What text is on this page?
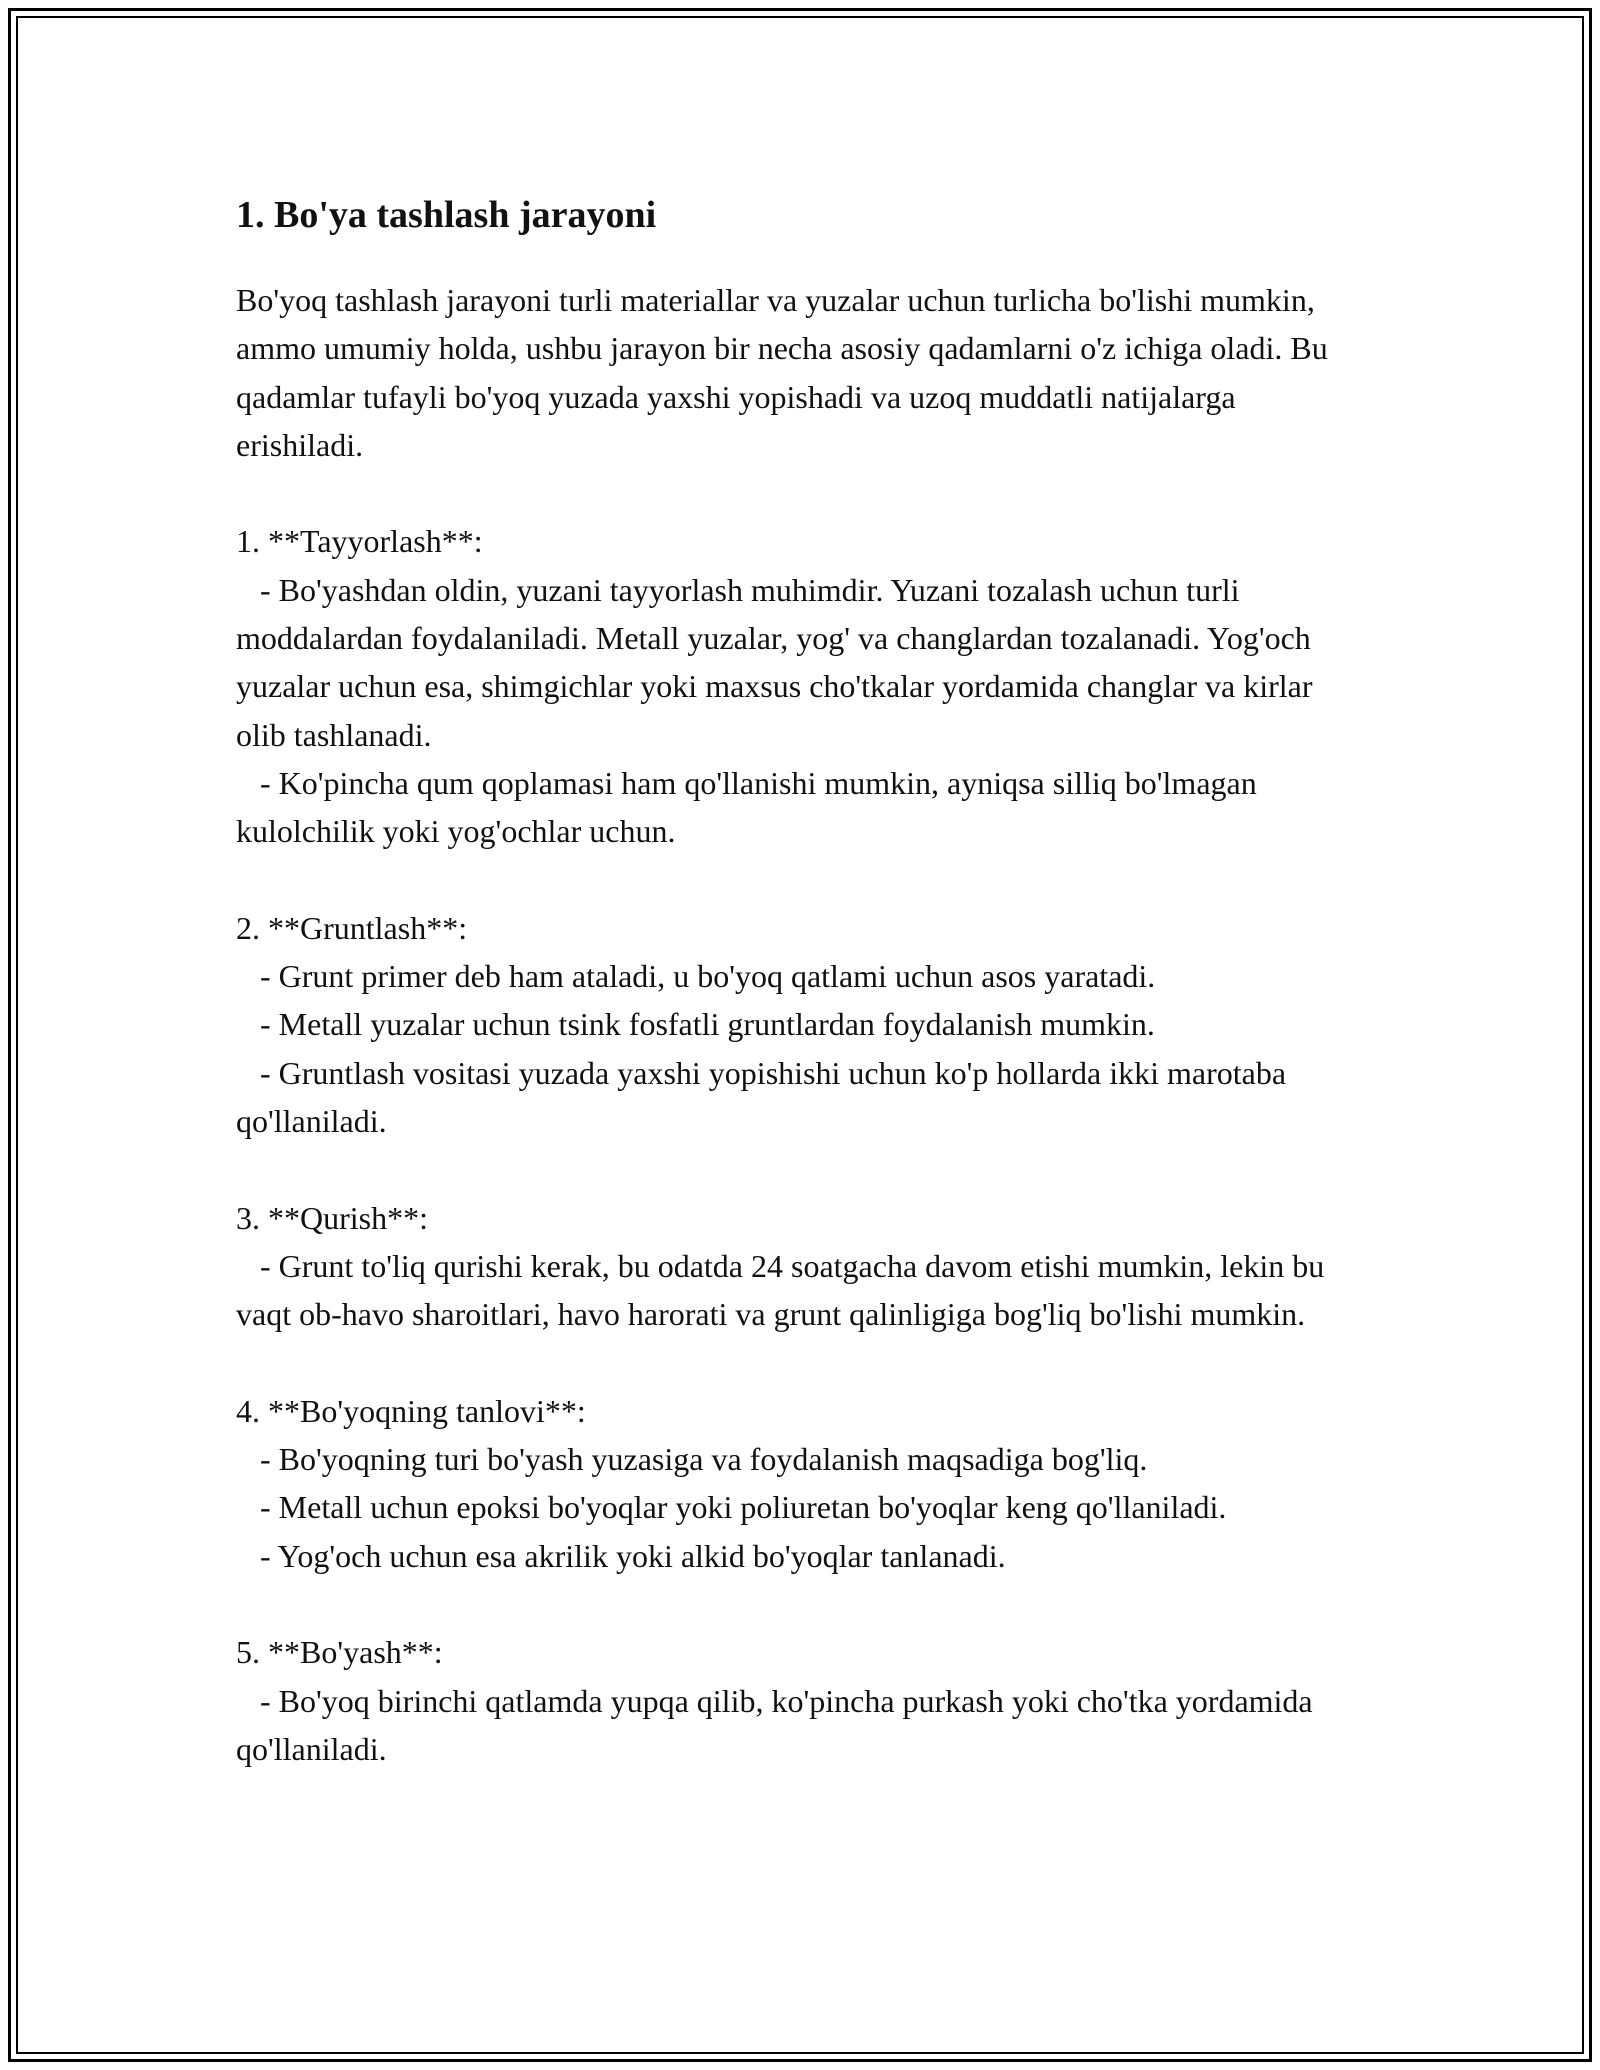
1. Bo'ya tashlash jarayoni

Bo'yoq tashlash jarayoni turli materiallar va yuzalar uchun turlicha bo'lishi mumkin, ammo umumiy holda, ushbu jarayon bir necha asosiy qadamlarni o'z ichiga oladi. Bu qadamlar tufayli bo'yoq yuzada yaxshi yopishadi va uzoq muddatli natijalarga erishiladi.

1. **Tayyorlash**:

- Bo'yashdan oldin, yuzani tayyorlash muhimdir. Yuzani tozalash uchun turli moddalardan foydalaniladi. Metall yuzalar, yog' va changlardan tozalanadi. Yog'och yuzalar uchun esa, shimgichlar yoki maxsus cho'tkalar yordamida changlar va kirlar olib tashlanadi.

- Ko'pincha qum qoplamasi ham qo'llanishi mumkin, ayniqsa silliq bo'lmagan kulolchilik yoki yog'ochlar uchun.

2. **Gruntlash**:

- Grunt primer deb ham ataladi, u bo'yoq qatlami uchun asos yaratadi.

- Metall yuzalar uchun tsink fosfatli gruntlardan foydalanish mumkin.

- Gruntlash vositasi yuzada yaxshi yopishishi uchun ko'p hollarda ikki marotaba qo'llaniladi.

3. **Qurish**:

- Grunt to'liq qurishi kerak, bu odatda 24 soatgacha davom etishi mumkin, lekin bu vaqt ob-havo sharoitlari, havo harorati va grunt qalinligiga bog'liq bo'lishi mumkin.

4. **Bo'yoqning tanlovi**:

- Bo'yoqning turi bo'yash yuzasiga va foydalanish maqsadiga bog'liq.

- Metall uchun epoksi bo'yoqlar yoki poliuretan bo'yoqlar keng qo'llaniladi.

- Yog'och uchun esa akrilik yoki alkid bo'yoqlar tanlanadi.

5. **Bo'yash**:

- Bo'yoq birinchi qatlamda yupqa qilib, ko'pincha purkash yoki cho'tka yordamida qo'llaniladi.
